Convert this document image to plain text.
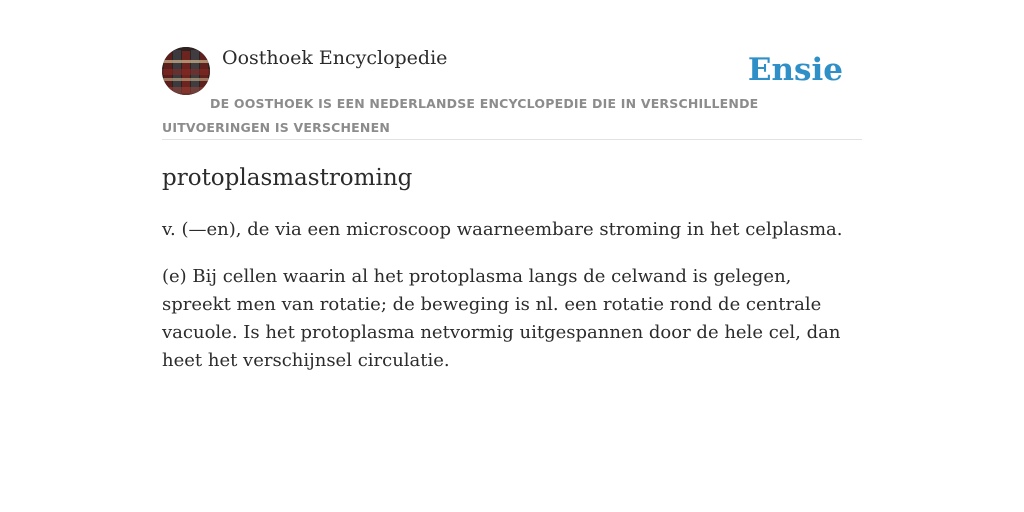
Oosthoek Encyclopedie	Ensie
DE OOSTHOEK IS EEN NEDERLANDSE ENCYCLOPEDIE DIE IN VERSCHILLENDE UITVOERINGEN IS VERSCHENEN
protoplasmastroming

v. (—en), de via een microscoop waarneembare stroming in het celplasma.

(e) Bij cellen waarin al het protoplasma langs de celwand is gelegen, spreekt men van rotatie; de beweging is nl. een rotatie rond de centrale vacuole. Is het protoplasma netvormig uitgespannen door de hele cel, dan heet het verschijnsel circulatie.
